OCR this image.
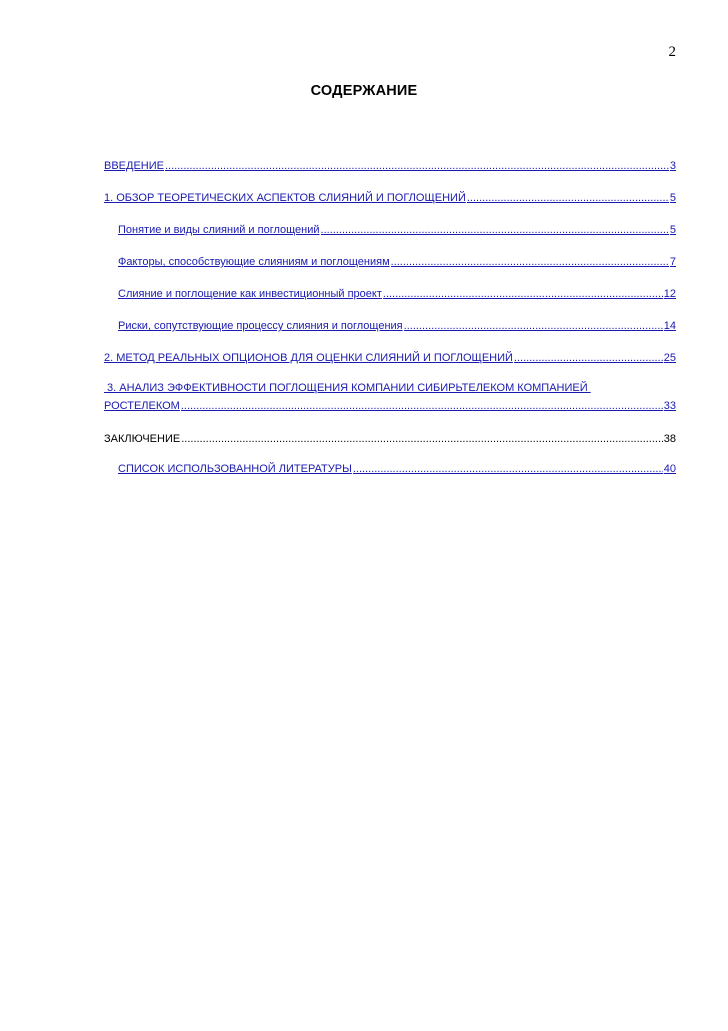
2
СОДЕРЖАНИЕ
ВВЕДЕНИЕ .....	3
1. ОБЗОР ТЕОРЕТИЧЕСКИХ АСПЕКТОВ СЛИЯНИЙ И ПОГЛОЩЕНИЙ .....	5
Понятие и виды слияний и поглощений .....	5
Факторы, способствующие слияниям и поглощениям .....	7
Слияние и поглощение как инвестиционный проект .....	12
Риски, сопутствующие процессу слияния и поглощения .....	14
2. МЕТОД РЕАЛЬНЫХ ОПЦИОНОВ ДЛЯ ОЦЕНКИ СЛИЯНИЙ И ПОГЛОЩЕНИЙ .....	25
3. АНАЛИЗ ЭФФЕКТИВНОСТИ ПОГЛОЩЕНИЯ КОМПАНИИ СИБИРЬТЕЛЕКОМ КОМПАНИЕЙ
РОСТЕЛЕКОМ .....	33
ЗАКЛЮЧЕНИЕ .....	38
СПИСОК ИСПОЛЬЗОВАННОЙ ЛИТЕРАТУРЫ .....	40
